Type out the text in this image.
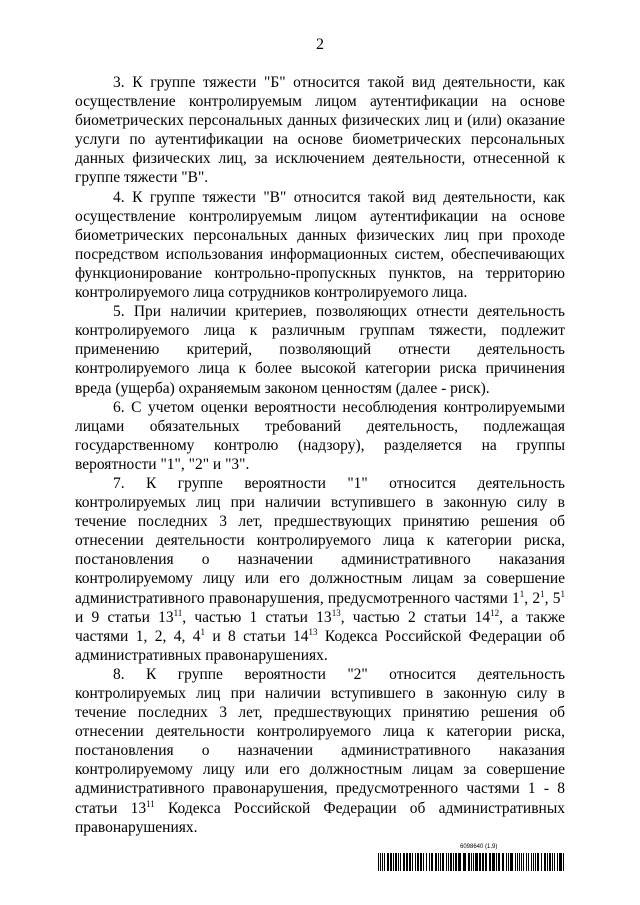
2

3. К группе тяжести "Б" относится такой вид деятельности, как осуществление контролируемым лицом аутентификации на основе биометрических персональных данных физических лиц и (или) оказание услуги по аутентификации на основе биометрических персональных данных физических лиц, за исключением деятельности, отнесенной к группе тяжести "В".

4. К группе тяжести "В" относится такой вид деятельности, как осуществление контролируемым лицом аутентификации на основе биометрических персональных данных физических лиц при проходе посредством использования информационных систем, обеспечивающих функционирование контрольно-пропускных пунктов, на территорию контролируемого лица сотрудников контролируемого лица.

5. При наличии критериев, позволяющих отнести деятельность контролируемого лица к различным группам тяжести, подлежит применению критерий, позволяющий отнести деятельность контролируемого лица к более высокой категории риска причинения вреда (ущерба) охраняемым законом ценностям (далее - риск).

6. С учетом оценки вероятности несоблюдения контролируемыми лицами обязательных требований деятельность, подлежащая государственному контролю (надзору), разделяется на группы вероятности "1", "2" и "3".

7. К группе вероятности "1" относится деятельность контролируемых лиц при наличии вступившего в законную силу в течение последних 3 лет, предшествующих принятию решения об отнесении деятельности контролируемого лица к категории риска, постановления о назначении административного наказания контролируемому лицу или его должностным лицам за совершение административного правонарушения, предусмотренного частями $1^1$, $2^1$, $5^1$ и 9 статьи $13^{11}$, частью 1 статьи $13^{13}$, частью 2 статьи $14^{12}$, а также частями 1, 2, 4, $4^1$ и 8 статьи $14^{13}$ Кодекса Российской Федерации об административных правонарушениях.

8. К группе вероятности "2" относится деятельность контролируемых лиц при наличии вступившего в законную силу в течение последних 3 лет, предшествующих принятию решения об отнесении деятельности контролируемого лица к категории риска, постановления о назначении административного наказания контролируемому лицу или его должностным лицам за совершение административного правонарушения, предусмотренного частями 1 - 8 статьи $13^{11}$ Кодекса Российской Федерации об административных правонарушениях.

6098640 (1.9)
